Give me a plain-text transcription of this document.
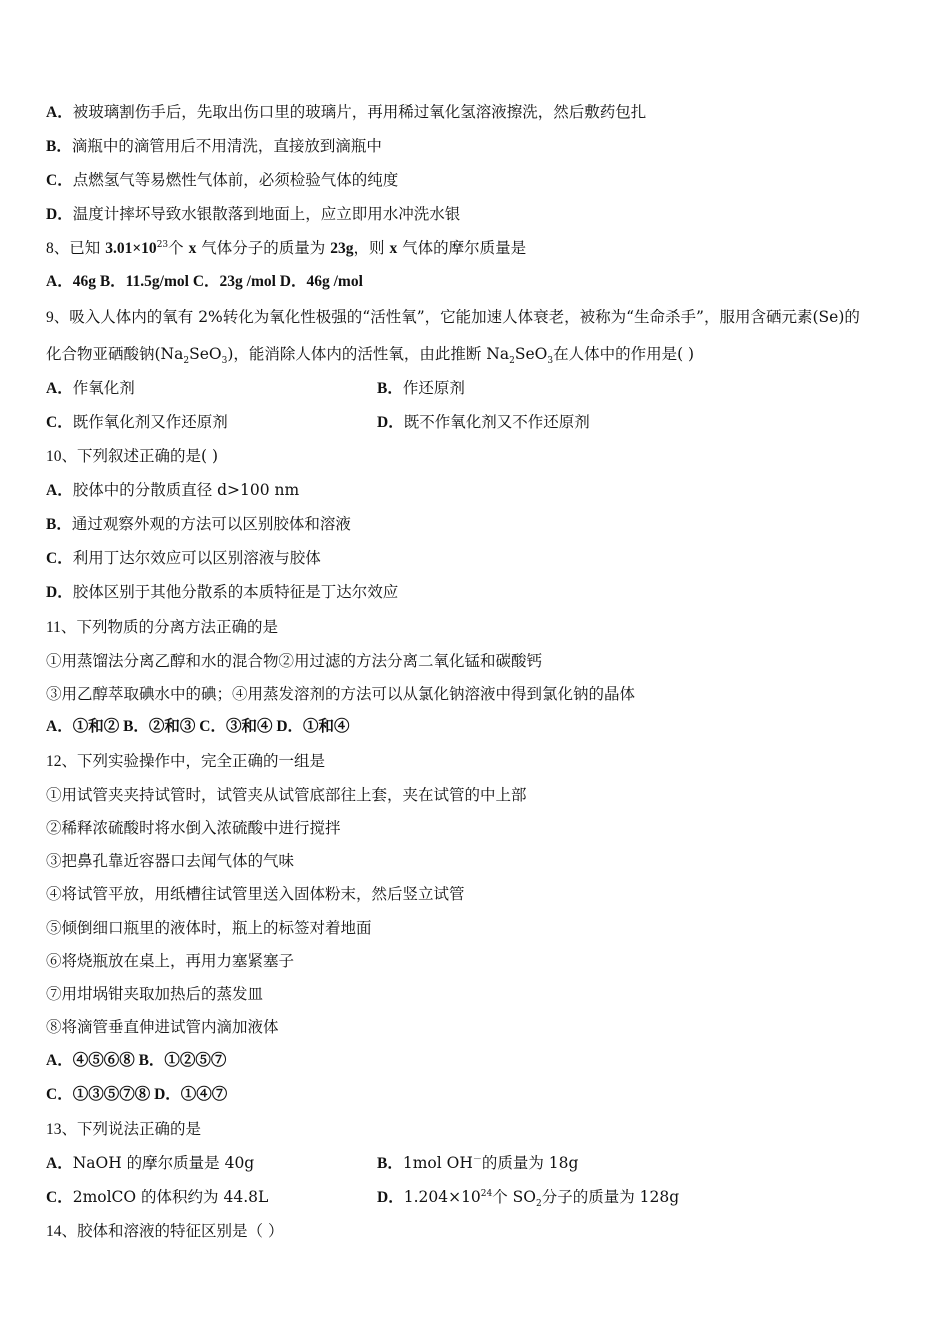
A．被玻璃割伤手后，先取出伤口里的玻璃片，再用稀过氧化氢溶液擦洗，然后敷药包扎
B．滴瓶中的滴管用后不用清洗，直接放到滴瓶中
C．点燃氢气等易燃性气体前，必须检验气体的纯度
D．温度计摔坏导致水银散落到地面上，应立即用水冲洗水银
8、已知 $3.01\times 10^{23}$个 x 气体分子的质量为 23g，则 x 气体的摩尔质量是
A．46g B．11.5g/mol C．23g /mol D．46g /mol
9、吸入人体内的氧有 2%转化为氧化性极强的“活性氧”，它能加速人体衰老，被称为“生命杀手”，服用含硒元素(Se)的
化合物亚硒酸钠$(Na_2SeO_3)$，能消除人体内的活性氧，由此推断 $Na_2SeO_3$在人体中的作用是( )
A．作氧化剂	B．作还原剂
C．既作氧化剂又作还原剂	D．既不作氧化剂又不作还原剂
10、下列叙述正确的是( )
A．胶体中的分散质直径 d>100 nm
B．通过观察外观的方法可以区别胶体和溶液
C．利用丁达尔效应可以区别溶液与胶体
D．胶体区别于其他分散系的本质特征是丁达尔效应
11、下列物质的分离方法正确的是
①用蒸馏法分离乙醇和水的混合物②用过滤的方法分离二氧化锰和碳酸钙
③用乙醇萃取碘水中的碘；④用蒸发溶剂的方法可以从氯化钠溶液中得到氯化钠的晶体
A．①和② B．②和③ C．③和④ D．①和④
12、下列实验操作中，完全正确的一组是
①用试管夹夹持试管时，试管夹从试管底部往上套，夹在试管的中上部
②稀释浓硫酸时将水倒入浓硫酸中进行搅拌
③把鼻孔靠近容器口去闻气体的气味
④将试管平放，用纸槽往试管里送入固体粉末，然后竖立试管
⑤倾倒细口瓶里的液体时，瓶上的标签对着地面
⑥将烧瓶放在桌上，再用力塞紧塞子
⑦用坩埚钳夹取加热后的蒸发皿
⑧将滴管垂直伸进试管内滴加液体
A．④⑤⑥⑧ B．①②⑤⑦
C．①③⑤⑦⑧ D．①④⑦
13、下列说法正确的是
A．NaOH 的摩尔质量是 40g	B．1mol OH－的质量为 18g
C．2molCO 的体积约为 44.8L	D．$1.204\times 10^{24}$个 $SO_2$分子的质量为 128g
14、胶体和溶液的特征区别是（ ）
